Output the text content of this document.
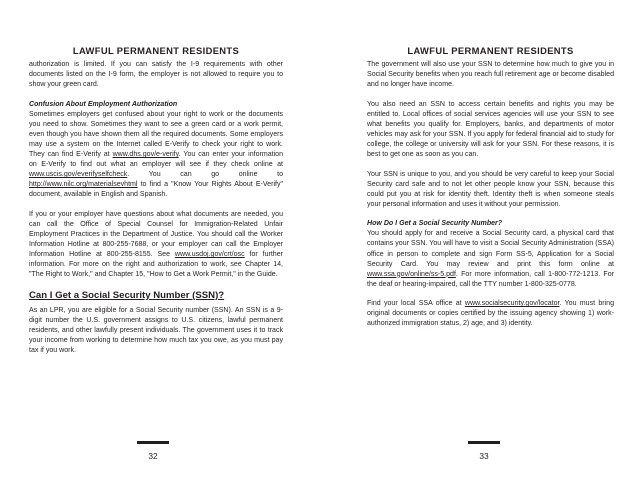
LAWFUL PERMANENT RESIDENTS

authorization is limited. If you can satisfy the I-9 requirements with other documents listed on the I-9 form, the employer is not allowed to require you to show your green card.

Confusion About Employment Authorization

Sometimes employers get confused about your right to work or the documents you need to show. Sometimes they want to see a green card or a work permit, even though you have shown them all the required documents. Some employers may use a system on the Internet called E-Verify to check your right to work. They can find E-Verify at www.dhs.gov/e-verify. You can enter your information on E-Verify to find out what an employer will see if they check online at www.uscis.gov/everifyselfcheck. You can go online to http://www.nilc.org/materialsevhtml to find a "Know Your Rights About E-Verify" document, available in English and Spanish.

If you or your employer have questions about what documents are needed, you can call the Office of Special Counsel for Immigration-Related Unfair Employment Practices in the Department of Justice. You should call the Worker Information Hotline at 800-255-7688, or your employer can call the Employer Information Hotline at 800-255-8155. See www.usdoj.gov/crt/osc for further information. For more on the right and authorization to work, see Chapter 14, "The Right to Work," and Chapter 15, "How to Get a Work Permit," in the Guide.

Can I Get a Social Security Number (SSN)?

As an LPR, you are eligible for a Social Security number (SSN). An SSN is a 9-digit number the U.S. government assigns to U.S. citizens, lawful permanent residents, and other lawfully present individuals. The government uses it to track your income from working to determine how much tax you owe, as you must pay tax if you work.

32
LAWFUL PERMANENT RESIDENTS

The government will also use your SSN to determine how much to give you in Social Security benefits when you reach full retirement age or become disabled and no longer have income.

You also need an SSN to access certain benefits and rights you may be entitled to. Local offices of social services agencies will use your SSN to see what benefits you qualify for. Employers, banks, and departments of motor vehicles may ask for your SSN. If you apply for federal financial aid to study for college, the college or university will ask for your SSN. For these reasons, it is best to get one as soon as you can.

Your SSN is unique to you, and you should be very careful to keep your Social Security card safe and to not let other people know your SSN, because this could put you at risk for identity theft. Identity theft is when someone steals your personal information and uses it without your permission.

How Do I Get a Social Security Number?

You should apply for and receive a Social Security card, a physical card that contains your SSN. You will have to visit a Social Security Administration (SSA) office in person to complete and sign Form SS-5, Application for a Social Security Card. You may review and print this form online at www.ssa.gov/online/ss-5.pdf. For more information, call 1-800-772-1213. For the deaf or hearing-impaired, call the TTY number 1-800-325-0778.

Find your local SSA office at www.socialsecurity.gov/locator. You must bring original documents or copies certified by the issuing agency showing 1) work-authorized immigration status, 2) age, and 3) identity.

33
